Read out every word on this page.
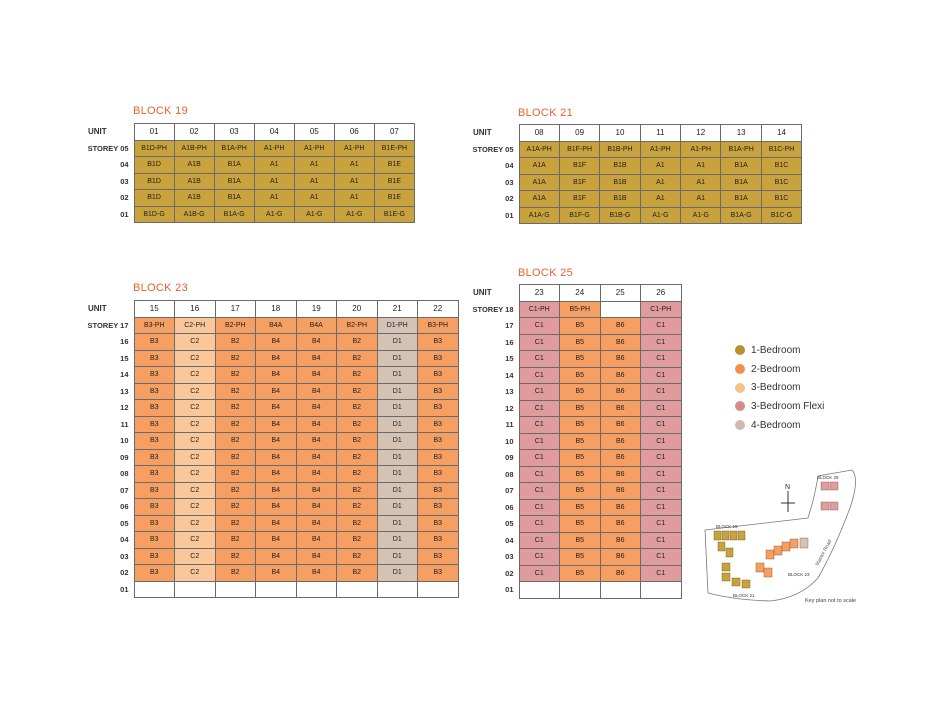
BLOCK 19
UNIT	01	02	03	04	05	06	07
STOREY 05	B1D-PH	A1B-PH	B1A-PH	A1-PH	A1-PH	A1-PH	B1E-PH
04	B1D	A1B	B1A	A1	A1	A1	B1E
03	B1D	A1B	B1A	A1	A1	A1	B1E
02	B1D	A1B	B1A	A1	A1	A1	B1E
01	B1D-G	A1B-G	B1A-G	A1-G	A1-G	A1-G	B1E-G
BLOCK 21
UNIT	08	09	10	11	12	13	14
STOREY 05	A1A-PH	B1F-PH	B1B-PH	A1-PH	A1-PH	B1A-PH	B1C-PH
04	A1A	B1F	B1B	A1	A1	B1A	B1C
03	A1A	B1F	B1B	A1	A1	B1A	B1C
02	A1A	B1F	B1B	A1	A1	B1A	B1C
01	A1A-G	B1F-G	B1B-G	A1-G	A1-G	B1A-G	B1C-G
BLOCK 23
UNIT	15	16	17	18	19	20	21	22
STOREY 17	B3-PH	C2-PH	B2-PH	B4A	B4A	B2-PH	D1-PH	B3-PH
16	B3	C2	B2	B4	B4	B2	D1	B3
15	B3	C2	B2	B4	B4	B2	D1	B3
14	B3	C2	B2	B4	B4	B2	D1	B3
13	B3	C2	B2	B4	B4	B2	D1	B3
12	B3	C2	B2	B4	B4	B2	D1	B3
11	B3	C2	B2	B4	B4	B2	D1	B3
10	B3	C2	B2	B4	B4	B2	D1	B3
09	B3	C2	B2	B4	B4	B2	D1	B3
08	B3	C2	B2	B4	B4	B2	D1	B3
07	B3	C2	B2	B4	B4	B2	D1	B3
06	B3	C2	B2	B4	B4	B2	D1	B3
05	B3	C2	B2	B4	B4	B2	D1	B3
04	B3	C2	B2	B4	B4	B2	D1	B3
03	B3	C2	B2	B4	B4	B2	D1	B3
02	B3	C2	B2	B4	B4	B2	D1	B3
01								
BLOCK 25
UNIT	23	24	25	26
STOREY 18	C1-PH	B5-PH		C1-PH
17	C1	B5	B6	C1
16	C1	B5	B6	C1
15	C1	B5	B6	C1
14	C1	B5	B6	C1
13	C1	B5	B6	C1
12	C1	B5	B6	C1
11	C1	B5	B6	C1
10	C1	B5	B6	C1
09	C1	B5	B6	C1
08	C1	B5	B6	C1
07	C1	B5	B6	C1
06	C1	B5	B6	C1
05	C1	B5	B6	C1
04	C1	B5	B6	C1
03	C1	B5	B6	C1
02	C1	B5	B6	C1
01				
1-Bedroom
2-Bedroom
3-Bedroom
3-Bedroom Flexi
4-Bedroom
N
BLOCK 25
BLOCK 19
BLOCK 23
BLOCK 21
Mactor Road
Key plan not to scale
